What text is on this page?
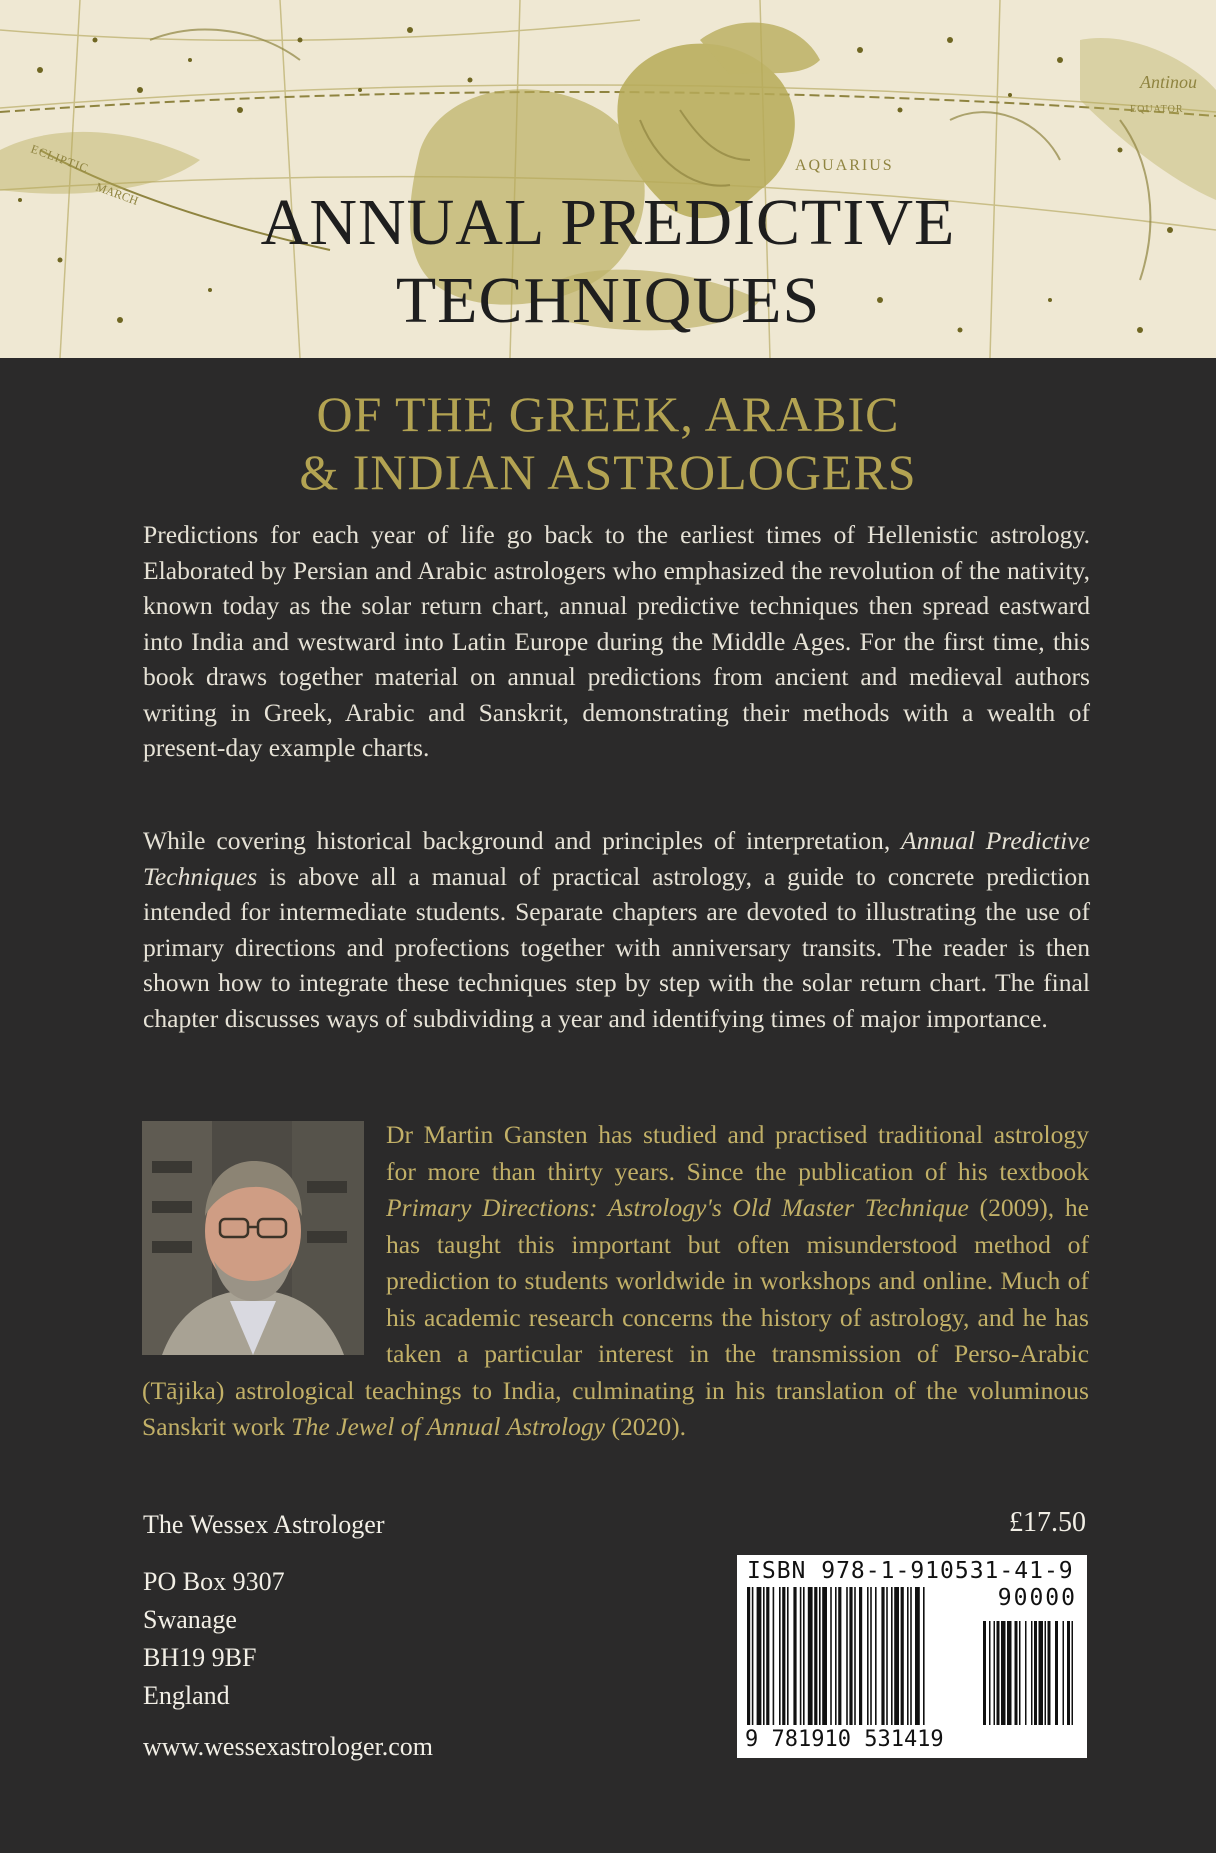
AQUARIUS
Antinou
EQUATOR
ECLIPTIC
MARCH	ANNUAL PREDICTIVE
TECHNIQUES
OF THE GREEK, ARABIC
& INDIAN ASTROLOGERS

Predictions for each year of life go back to the earliest times of Hellenistic astrology. Elaborated by Persian and Arabic astrologers who emphasized the revolution of the nativity, known today as the solar return chart, annual predictive techniques then spread eastward into India and westward into Latin Europe during the Middle Ages. For the first time, this book draws together material on annual predictions from ancient and medieval authors writing in Greek, Arabic and Sanskrit, demonstrating their methods with a wealth of present-day example charts.

While covering historical background and principles of interpretation, Annual Predictive Techniques is above all a manual of practical astrology, a guide to concrete prediction intended for intermediate students. Separate chapters are devoted to illustrating the use of primary directions and profections together with anniversary transits. The reader is then shown how to integrate these techniques step by step with the solar return chart. The final chapter discusses ways of subdividing a year and identifying times of major importance.

Dr Martin Gansten has studied and practised traditional astrology for more than thirty years. Since the publication of his textbook Primary Directions: Astrology's Old Master Technique (2009), he has taught this important but often misunderstood method of prediction to students worldwide in workshops and online. Much of his academic research concerns the history of astrology, and he has taken a particular interest in the transmission of Perso-Arabic (Tājika) astrological teachings to India, culminating in his translation of the voluminous Sanskrit work The Jewel of Annual Astrology (2020).

The Wessex Astrologer
PO Box 9307
Swanage
BH19 9BF
England
www.wessexastrologer.com
£17.50
ISBN 978-1-910531-41-9
90000
9 781910 531419
